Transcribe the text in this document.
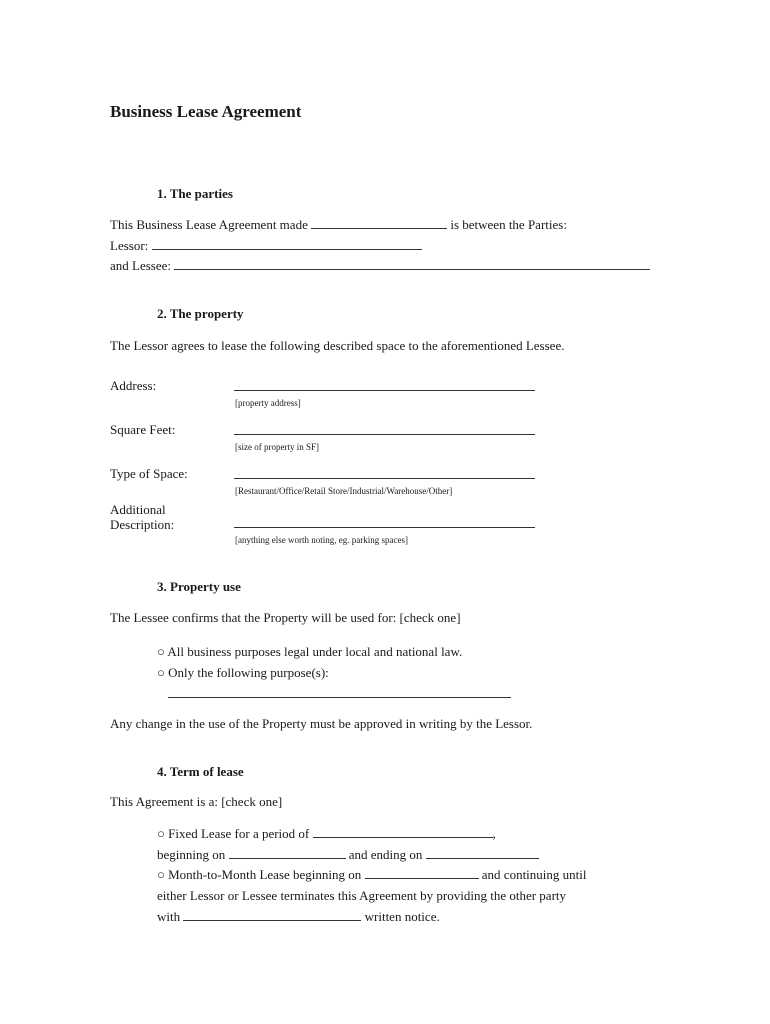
Business Lease Agreement
1. The parties
This Business Lease Agreement made	is between the Parties:
Lessor:
and Lessee:
2. The property
The Lessor agrees to lease the following described space to the aforementioned Lessee.
Address:
[property address]
Square Feet:
[size of property in SF]
Type of Space:
[Restaurant/Office/Retail Store/Industrial/Warehouse/Other]
Additional
Description:
[anything else worth noting, eg. parking spaces]
3. Property use
The Lessee confirms that the Property will be used for: [check one]
○ All business purposes legal under local and national law.
○ Only the following purpose(s):
Any change in the use of the Property must be approved in writing by the Lessor.
4. Term of lease
This Agreement is a: [check one]
○ Fixed Lease for a period of	,
beginning on	and ending on
○ Month-to-Month Lease beginning on	and continuing until
either Lessor or Lessee terminates this Agreement by providing the other party
with	written notice.
